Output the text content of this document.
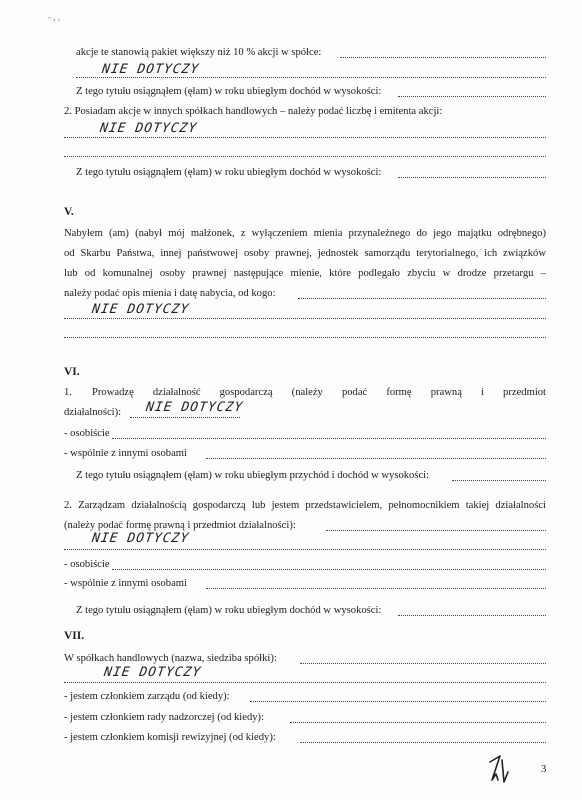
- , ,
akcje te stanowią pakiet większy niż 10 % akcji w spółce:
NIE DOTYCZY
Z tego tytułu osiągnąłem (ęłam) w roku ubiegłym dochód w wysokości:
2. Posiadam akcje w innych spółkach handlowych – należy podać liczbę i emitenta akcji:
NIE DOTYCZY
Z tego tytułu osiągnąłem (ęłam) w roku ubiegłym dochód w wysokości:
V.
Nabyłem (am) (nabył mój małżonek, z wyłączeniem mienia przynależnego do jego majątku odrębnego)
od Skarbu Państwa, innej państwowej osoby prawnej, jednostek samorządu terytorialnego, ich związków
lub od komunalnej osoby prawnej następujące mienie, które podlegało zbyciu w drodze przetargu –
należy podać opis mienia i datę nabycia, od kogo:
NIE DOTYCZY
VI.
1. Prowadzę działalność gospodarczą (należy podać formę prawną i przedmiot
działalności): NIE DOTYCZY
- osobiście
- wspólnie z innymi osobami
Z tego tytułu osiągnąłem (ęłam) w roku ubiegłym przychód i dochód w wysokości:
2. Zarządzam działalnością gospodarczą lub jestem przedstawicielem, pełnomocnikiem takiej działalności
(należy podać formę prawną i przedmiot działalności):
NIE DOTYCZY
- osobiście
- wspólnie z innymi osobami
Z tego tytułu osiągnąłem (ęłam) w roku ubiegłym dochód w wysokości:
VII.
W spółkach handlowych (nazwa, siedziba spółki):
NIE DOTYCZY
- jestem członkiem zarządu (od kiedy):
- jestem członkiem rady nadzorczej (od kiedy):
- jestem członkiem komisji rewizyjnej (od kiedy):
3
